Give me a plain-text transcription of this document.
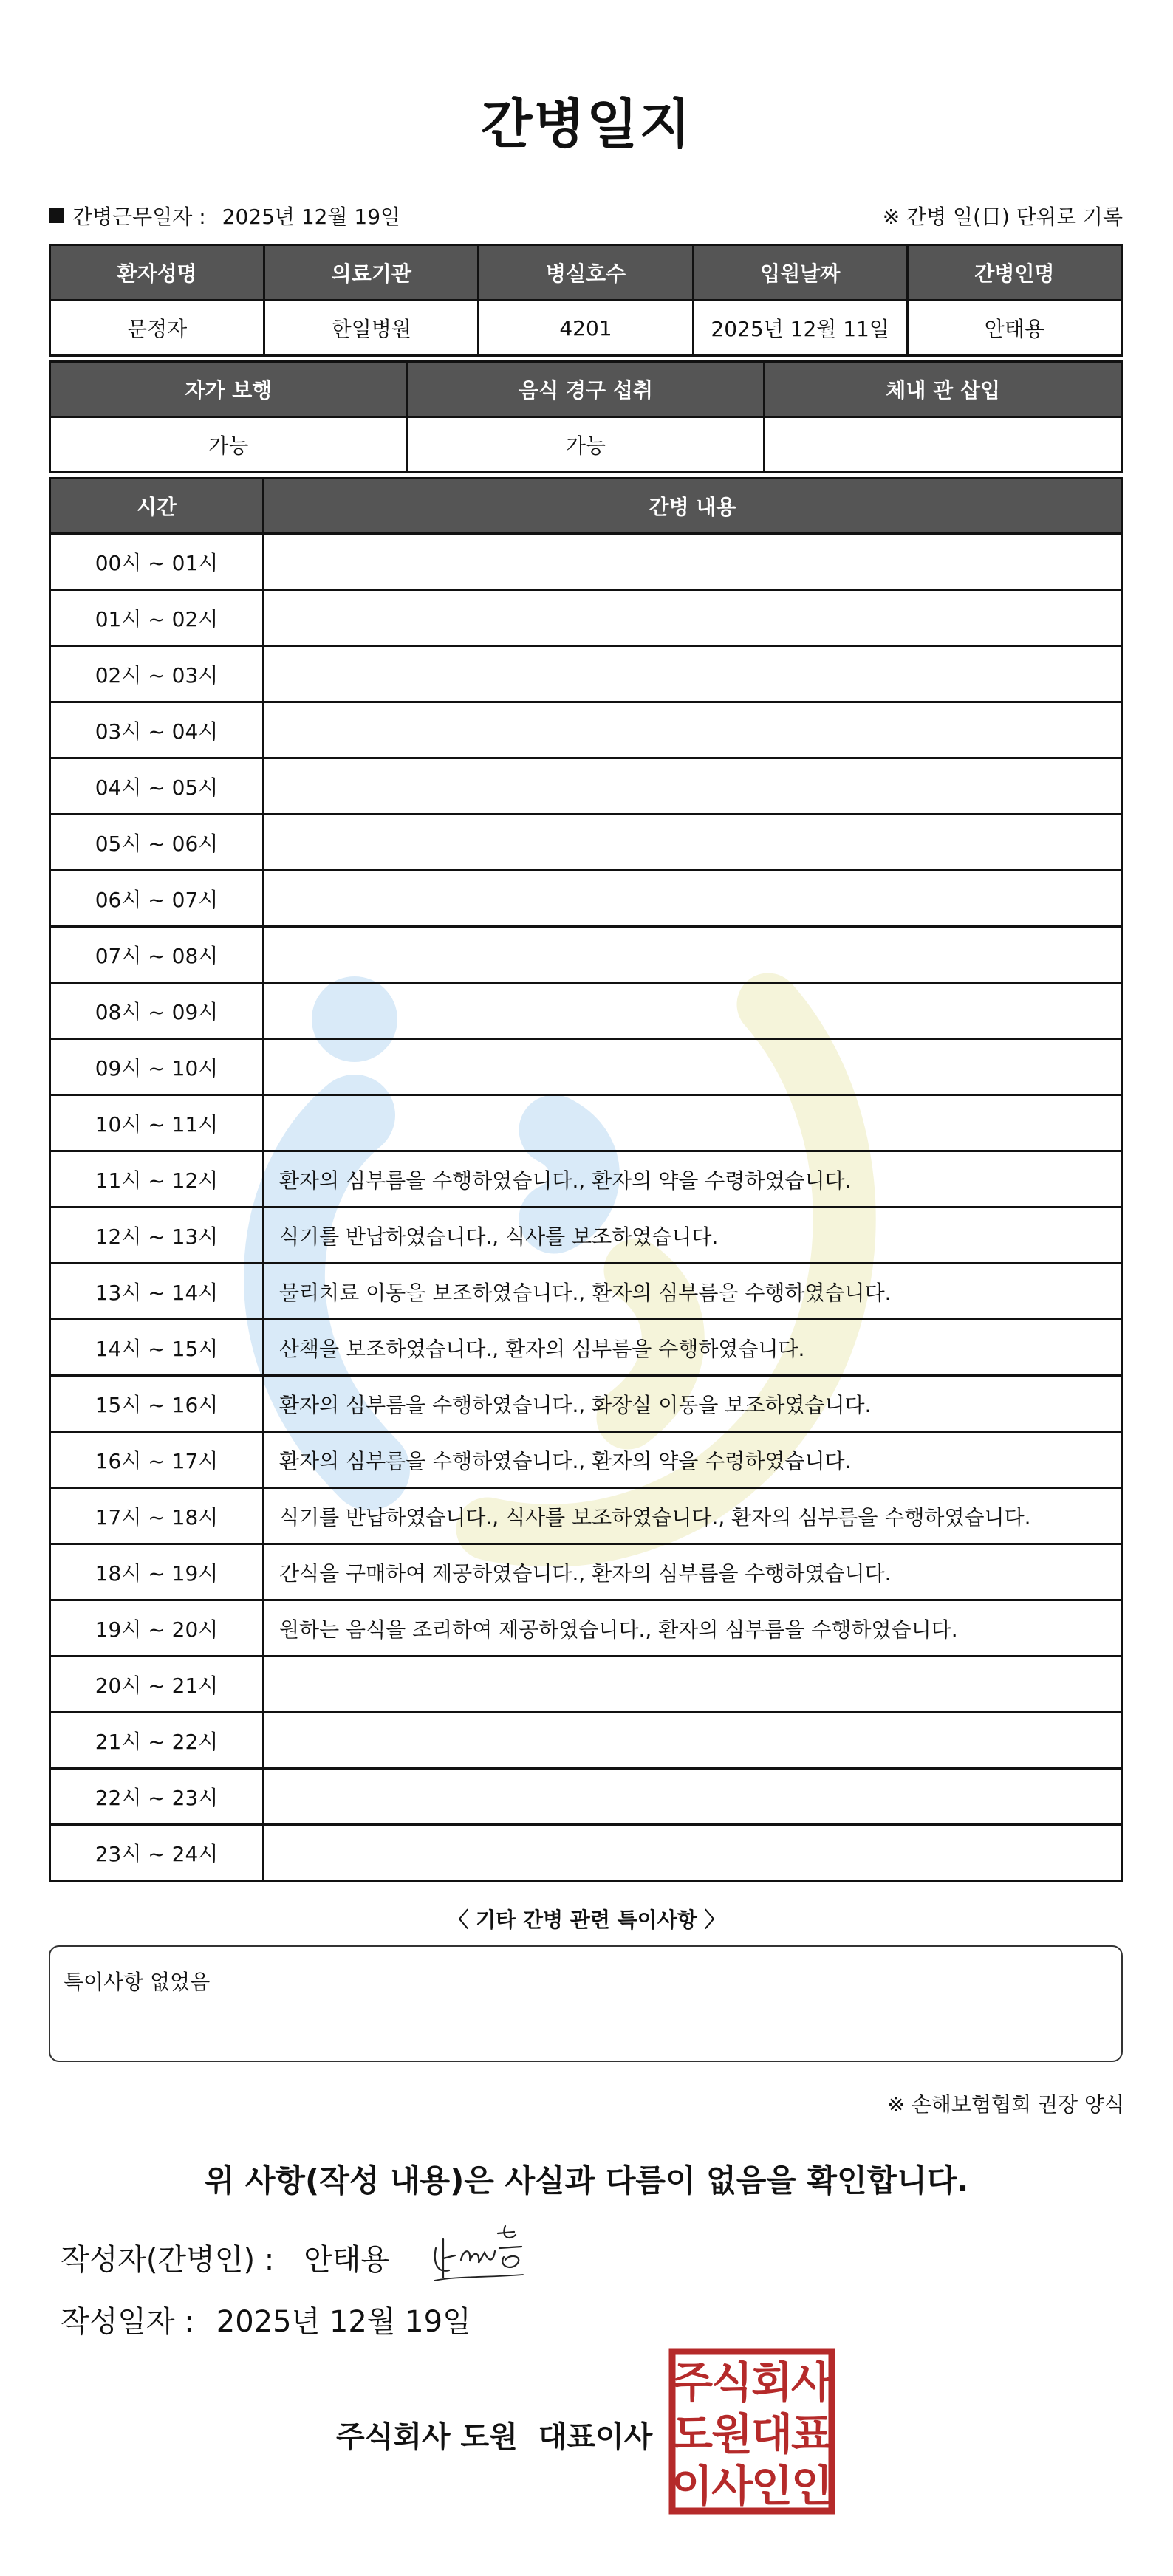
간병일지
간병근무일자 : 2025년 12월 19일	※ 간병 일(日) 단위로 기록
환자성명	의료기관	병실호수	입원날짜	간병인명
문정자	한일병원	4201	2025년 12월 11일	안태용
자가 보행	음식 경구 섭취	체내 관 삽입
가능	가능	
시간	간병 내용
00시 ~ 01시	
01시 ~ 02시	
02시 ~ 03시	
03시 ~ 04시	
04시 ~ 05시	
05시 ~ 06시	
06시 ~ 07시	
07시 ~ 08시	
08시 ~ 09시	
09시 ~ 10시	
10시 ~ 11시	
11시 ~ 12시	환자의 심부름을 수행하였습니다., 환자의 약을 수령하였습니다.
12시 ~ 13시	식기를 반납하였습니다., 식사를 보조하였습니다.
13시 ~ 14시	물리치료 이동을 보조하였습니다., 환자의 심부름을 수행하였습니다.
14시 ~ 15시	산책을 보조하였습니다., 환자의 심부름을 수행하였습니다.
15시 ~ 16시	환자의 심부름을 수행하였습니다., 화장실 이동을 보조하였습니다.
16시 ~ 17시	환자의 심부름을 수행하였습니다., 환자의 약을 수령하였습니다.
17시 ~ 18시	식기를 반납하였습니다., 식사를 보조하였습니다., 환자의 심부름을 수행하였습니다.
18시 ~ 19시	간식을 구매하여 제공하였습니다., 환자의 심부름을 수행하였습니다.
19시 ~ 20시	원하는 음식을 조리하여 제공하였습니다., 환자의 심부름을 수행하였습니다.
20시 ~ 21시	
21시 ~ 22시	
22시 ~ 23시	
23시 ~ 24시	
〈 기타 간병 관련 특이사항 〉
특이사항 없었음
※ 손해보험협회 권장 양식
위 사항(작성 내용)은 사실과 다름이 없음을 확인합니다.
작성자(간병인) : 안태용
작성일자 : 2025년 12월 19일
주식회사 도원 대표이사
주
식
회
사
도
원
대
표
이
사
인
인
